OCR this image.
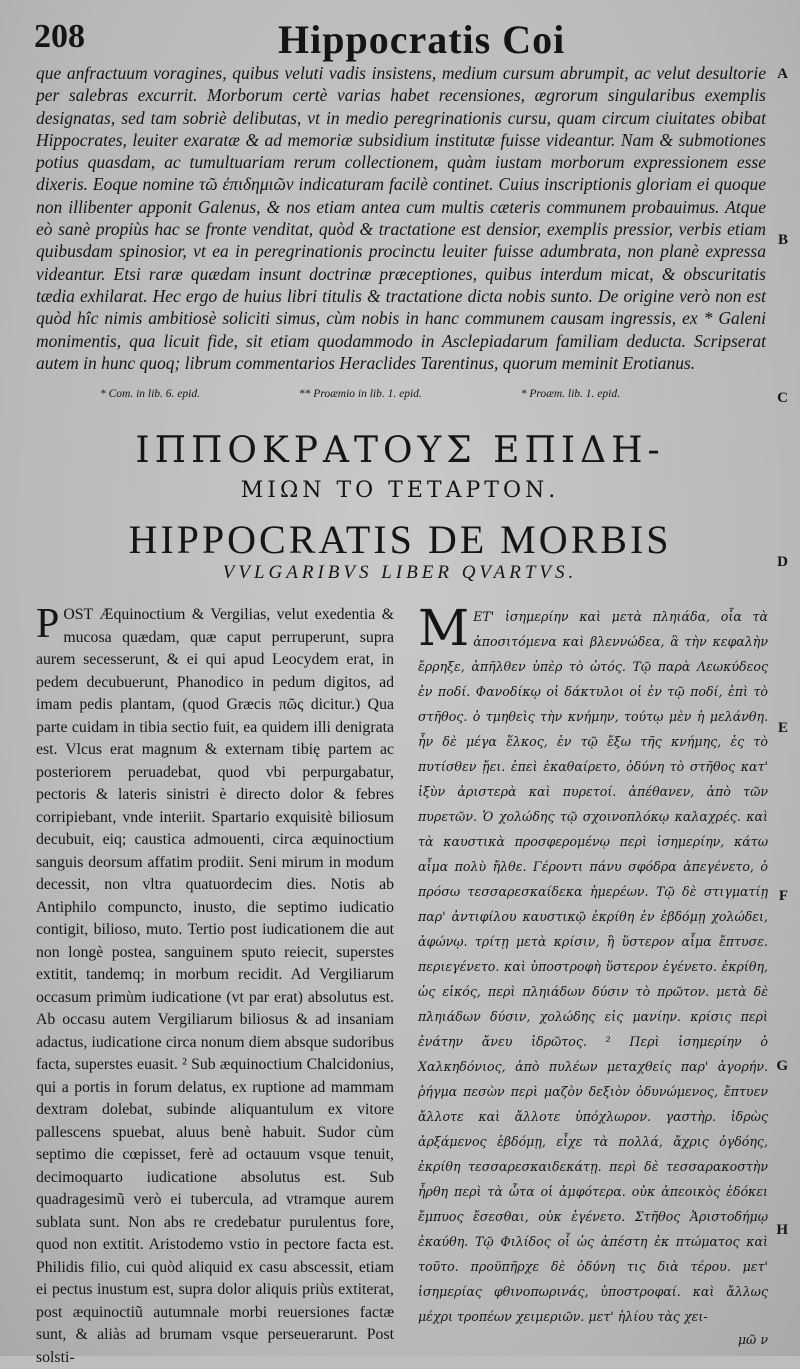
208	Hippocratis Coi

que anfractuum voragines, quibus veluti vadis insistens, medium cursum abrumpit, ac velut desultorie per salebras excurrit. Morborum certè varias habet recensiones, ægrorum singularibus exemplis designatas, sed tam sobriè delibutas, vt in medio peregrinationis cursu, quam circum ciuitates obibat Hippocrates, leuiter exaratæ & ad memoriæ subsidium institutæ fuisse videantur. Nam & submotiones potius quasdam, ac tumultuariam rerum collectionem, quàm iustam morborum expressionem esse dixeris. Eoque nomine τῶ ἐπιδημιῶν indicaturam facilè continet. Cuius inscriptionis gloriam ei quoque non illibenter apponit Galenus, & nos etiam antea cum multis cæteris communem probauimus. Atque eò sanè propiùs hac se fronte venditat, quòd & tractatione est densior, exemplis pressior, verbis etiam quibusdam spinosior, vt ea in peregrinationis procinctu leuiter fuisse adumbrata, non planè expressa videantur. Etsi raræ quædam insunt doctrinæ præceptiones, quibus interdum micat, & obscuritatis tædia exhilarat. Hec ergo de huius libri titulis & tractatione dicta nobis sunto. De origine verò non est quòd hîc nimis ambitiosè soliciti simus, cùm nobis in hanc communem causam ingressis, ex * Galeni monimentis, qua licuit fide, sit etiam quodammodo in Asclepiadarum familiam deducta. Scripserat autem in hunc quoq; librum commentarios Heraclides Tarentinus, quorum meminit Erotianus.

* Com. in lib. 6. epid.	** Proæmio in lib. 1. epid.	* Proæm. lib. 1. epid.
ΙΠΠΟΚΡΑΤΟΥΣ ΕΠΙΔΗ-
ΜΙΩΝ ΤΟ ΤΕΤΑΡΤΟΝ.
HIPPOCRATIS DE MORBIS
VVLGARIBVS LIBER QVARTVS.
P OST Æquinoctium & Vergilias, velut exedentia & mucosa quædam, quæ caput perruperunt, supra aurem secesserunt, & ei qui apud Leocydem erat, in pedem decubuerunt, Phanodico in pedum digitos, ad imam pedis plantam, (quod Græcis πῶς dicitur.) Qua parte cuidam in tibia sectio fuit, ea quidem illi denigrata est. Vlcus erat magnum & externam tibię partem ac posteriorem peruadebat, quod vbi perpurgabatur, pectoris & lateris sinistri è directo dolor & febres corripiebant, vnde interiit. Spartario exquisitè biliosum decubuit, eiq; caustica admouenti, circa æquinoctium sanguis deorsum affatim prodiit. Seni mirum in modum decessit, non vltra quatuordecim dies. Notis ab Antiphilo compuncto, inusto, die septimo iudicatio contigit, bilioso, muto. Tertio post iudicationem die aut non longè postea, sanguinem sputo reiecit, superstes extitit, tandemq; in morbum recidit. Ad Vergiliarum occasum primùm iudicatione (vt par erat) absolutus est. Ab occasu autem Vergiliarum biliosus & ad insaniam adactus, iudicatione circa nonum diem absque sudoribus facta, superstes euasit. ² Sub æquinoctium Chalcidonius, qui a portis in forum delatus, ex ruptione ad mammam dextram dolebat, subinde aliquantulum ex vitore pallescens spuebat, aluus benè habuit. Sudor cùm septimo die cœpisset, ferè ad octauum vsque tenuit, decimoquarto iudicatione absolutus est. Sub quadragesimũ verò ei tubercula, ad vtramque aurem sublata sunt. Non abs re credebatur purulentus fore, quod non extitit. Aristodemo vstio in pectore facta est. Philidis filio, cui quòd aliquid ex casu abscessit, etiam ei pectus inustum est, supra dolor aliquis priùs extiterat, post æquinoctiũ autumnale morbi reuersiones factæ sunt, & aliàs ad brumam vsque perseuerarunt. Post solsti-
Μ ΕΤ' ἰσημερίην καὶ μετὰ πληιάδα, οἷα τὰ ἀποσιτόμενα καὶ βλεννώδεα, ἃ τὴν κεφαλὴν ἔρρηξε, ἀπῆλθεν ὑπὲρ τὸ ὠτός. Τῷ παρὰ Λεωκύδεος ἐν ποδί. Φανοδίκῳ οἱ δάκτυλοι οἱ ἐν τῷ ποδί, ἐπὶ τὸ στῆθος. ὁ τμηθεὶς τὴν κνήμην, τούτῳ μὲν ἡ μελάνθη. ἦν δὲ μέγα ἕλκος, ἐν τῷ ἔξω τῆς κνήμης, ἐς τὸ πυτίσθεν ᾔει. ἐπεὶ ἐκαθαίρετο, ὀδύνη τὸ στῆθος κατ' ἰξὺν ἀριστερὰ καὶ πυρετοί. ἀπέθανεν, ἀπὸ τῶν πυρετῶν. Ὁ χολώδης τῷ σχοινοπλόκῳ καλαχρές. καὶ τὰ καυστικὰ προσφερομένῳ περὶ ἰσημερίην, κάτω αἷμα πολὺ ἤλθε. Γέροντι πάνυ σφόδρα ἀπεγένετο, ὁ πρόσω τεσσαρεσκαίδεκα ἡμερέων. Τῷ δὲ στιγματίῃ παρ' ἀντιφίλου καυστικῷ ἐκρίθη ἐν ἑβδόμῃ χολώδει, ἀφώνῳ. τρίτῃ μετὰ κρίσιν, ἢ ὕστερον αἷμα ἔπτυσε. περιεγένετο. καὶ ὑποστροφὴ ὕστερον ἐγένετο. ἐκρίθη, ὡς εἰκός, περὶ πληιάδων δύσιν τὸ πρῶτον. μετὰ δὲ πληιάδων δύσιν, χολώδης εἰς μανίην. κρίσις περὶ ἐνάτην ἄνευ ἱδρῶτος. ² Περὶ ἰσημερίην ὁ Χαλκηδόνιος, ἀπὸ πυλέων μεταχθείς παρ' ἀγορήν. ῥήγμα πεσὼν περὶ μαζὸν δεξιὸν ὀδυνώμενος, ἔπτυεν ἄλλοτε καὶ ἄλλοτε ὑπόχλωρον. γαστὴρ. ἱδρὼς ἀρξάμενος ἑβδόμῃ, εἶχε τὰ πολλά, ἄχρις ὀγδόης, ἐκρίθη τεσσαρεσκαιδεκάτῃ. περὶ δὲ τεσσαρακοστὴν ἦρθη περὶ τὰ ὦτα οἱ ἀμφότερα. οὐκ ἀπεοικὸς ἐδόκει ἔμπυος ἔσεσθαι, οὐκ ἐγένετο. Στῆθος Ἀριστοδήμῳ ἐκαύθη. Τῷ Φιλίδος οἷ ὡς ἀπέστη ἐκ πτώματος καὶ τοῦτο. προϋπῆρχε δὲ ὀδύνη τις διὰ τέρου. μετ' ἰσημερίας φθινοπωρινάς, ὑποστροφαί. καὶ ἄλλως μέχρι τροπέων χειμεριῶν. μετ' ἡλίου τὰς χει-
μῶ ν
A
B
C
D
E
F
G
H
